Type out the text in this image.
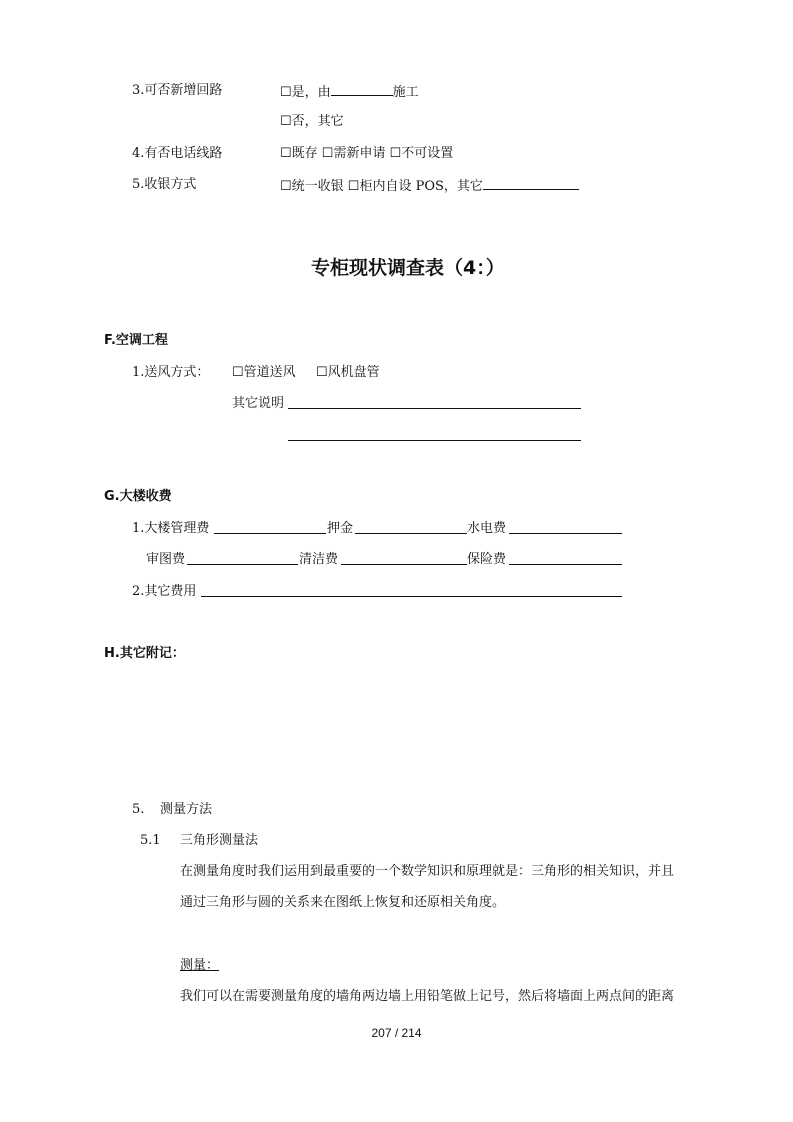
3.可否新增回路	☐是，由	施工
☐否，其它
4.有否电话线路	☐既存 ☐需新申请 ☐不可设置
5.收银方式	☐统一收银 ☐柜内自设 POS，其它
专柜现状调查表（4：）
F.空调工程
1.送风方式： ☐管道送风 ☐风机盘管
其它说明
G.大楼收费
1.大楼管理费	押金	水电费
审图费	清洁费	保险费
2.其它费用
H.其它附记：
5. 测量方法
5.1 三角形测量法
在测量角度时我们运用到最重要的一个数学知识和原理就是：三角形的相关知识，并且
通过三角形与圆的关系来在图纸上恢复和还原相关角度。
测量：
我们可以在需要测量角度的墙角两边墙上用铅笔做上记号，然后将墙面上两点间的距离
207 / 214
